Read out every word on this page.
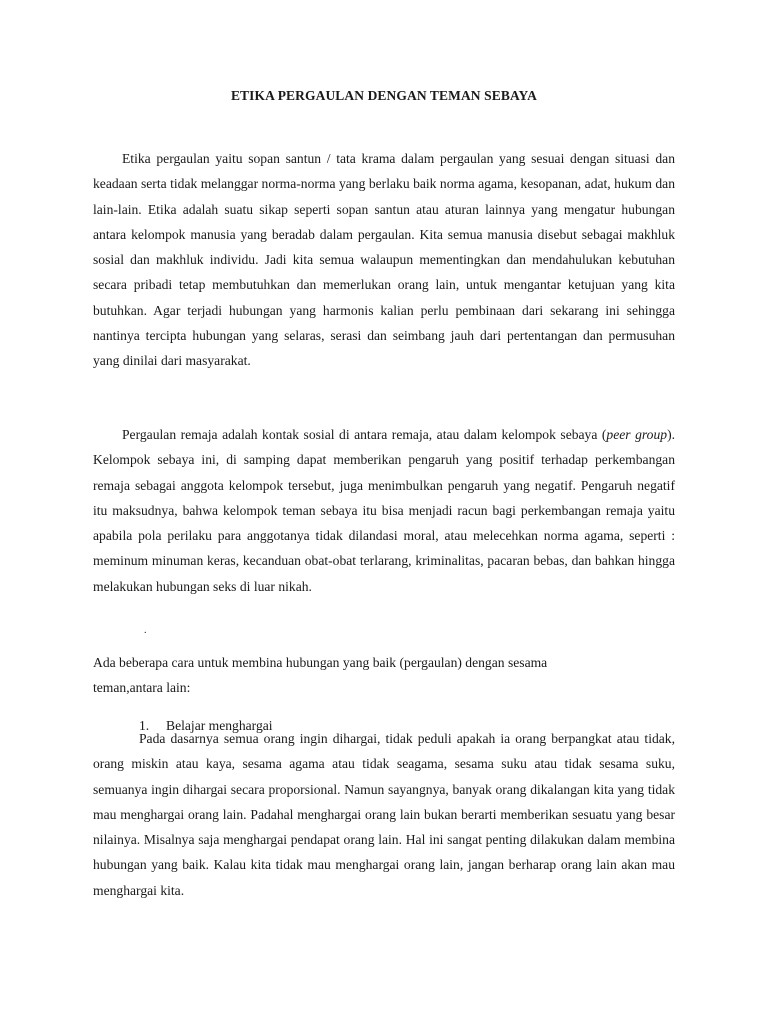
ETIKA PERGAULAN DENGAN TEMAN SEBAYA

Etika pergaulan yaitu sopan santun / tata krama dalam pergaulan yang sesuai dengan situasi dan keadaan serta tidak melanggar norma-norma yang berlaku baik norma agama, kesopanan, adat, hukum dan lain-lain. Etika adalah suatu sikap seperti sopan santun atau aturan lainnya yang mengatur hubungan antara kelompok manusia yang beradab dalam pergaulan. Kita semua manusia disebut sebagai makhluk sosial dan makhluk individu. Jadi kita semua walaupun mementingkan dan mendahulukan kebutuhan secara pribadi tetap membutuhkan dan memerlukan orang lain, untuk mengantar ketujuan yang kita butuhkan. Agar terjadi hubungan yang harmonis kalian perlu pembinaan dari sekarang ini sehingga nantinya tercipta hubungan yang selaras, serasi dan seimbang jauh dari pertentangan dan permusuhan yang dinilai dari masyarakat.

Pergaulan remaja adalah kontak sosial di antara remaja, atau dalam kelompok sebaya (peer group). Kelompok sebaya ini, di samping dapat memberikan pengaruh yang positif terhadap perkembangan remaja sebagai anggota kelompok tersebut, juga menimbulkan pengaruh yang negatif. Pengaruh negatif itu maksudnya, bahwa kelompok teman sebaya itu bisa menjadi racun bagi perkembangan remaja yaitu apabila pola perilaku para anggotanya tidak dilandasi moral, atau melecehkan norma agama, seperti : meminum minuman keras, kecanduan obat-obat terlarang, kriminalitas, pacaran bebas, dan bahkan hingga melakukan hubungan seks di luar nikah.

.

Ada beberapa cara untuk membina hubungan yang baik (pergaulan) dengan sesama
teman,antara lain:

1. Belajar menghargai

Pada dasarnya semua orang ingin dihargai, tidak peduli apakah ia orang berpangkat atau tidak, orang miskin atau kaya, sesama agama atau tidak seagama, sesama suku atau tidak sesama suku, semuanya ingin dihargai secara proporsional. Namun sayangnya, banyak orang dikalangan kita yang tidak mau menghargai orang lain. Padahal menghargai orang lain bukan berarti memberikan sesuatu yang besar nilainya. Misalnya saja menghargai pendapat orang lain. Hal ini sangat penting dilakukan dalam membina hubungan yang baik. Kalau kita tidak mau menghargai orang lain, jangan berharap orang lain akan mau menghargai kita.
